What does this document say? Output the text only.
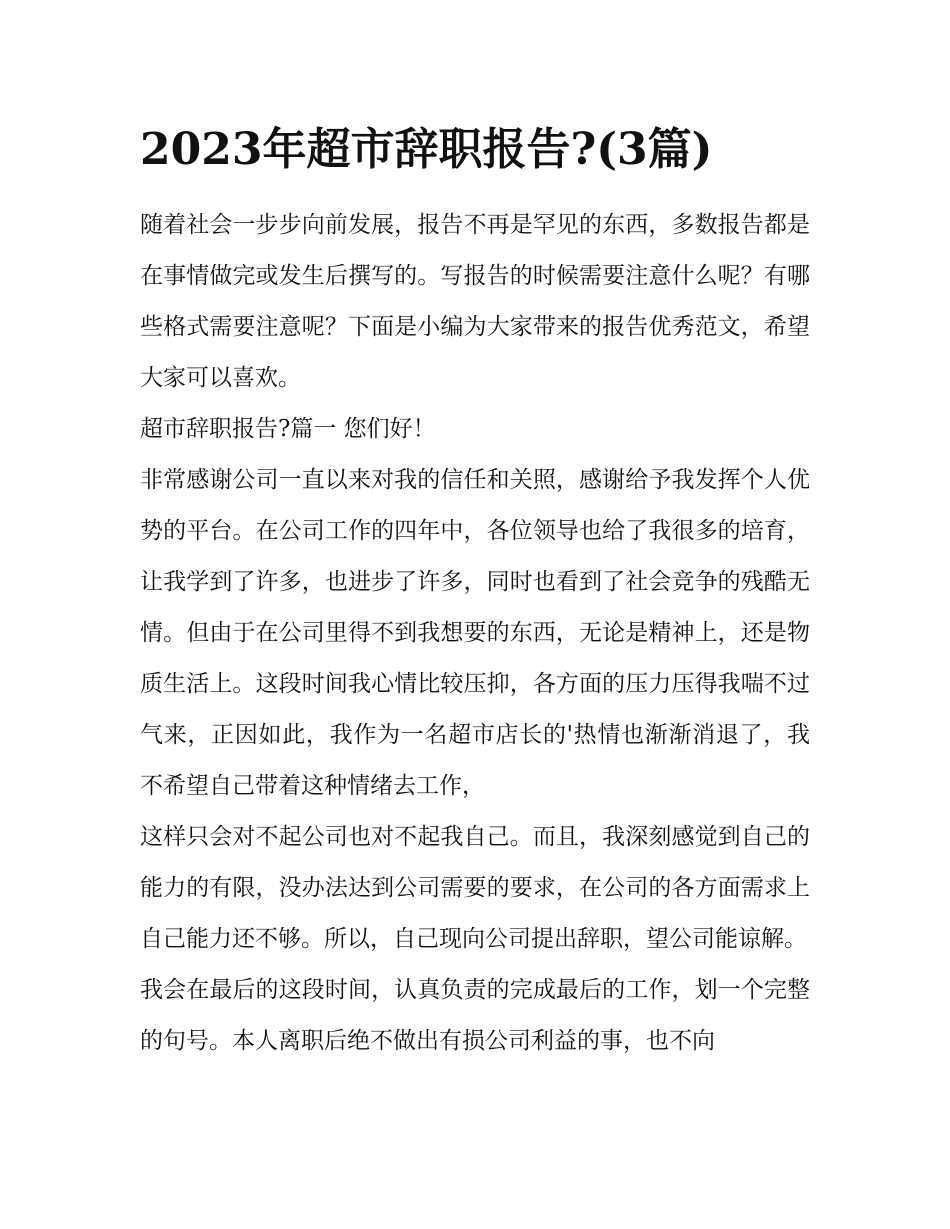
2023年超市辞职报告?(3篇)

随着社会一步步向前发展，报告不再是罕见的东西，多数报告都是在事情做完或发生后撰写的。写报告的时候需要注意什么呢？有哪些格式需要注意呢？下面是小编为大家带来的报告优秀范文，希望大家可以喜欢。

超市辞职报告?篇一 您们好！

非常感谢公司一直以来对我的信任和关照，感谢给予我发挥个人优势的平台。在公司工作的四年中，各位领导也给了我很多的培育，让我学到了许多，也进步了许多，同时也看到了社会竞争的残酷无情。但由于在公司里得不到我想要的东西，无论是精神上，还是物质生活上。这段时间我心情比较压抑，各方面的压力压得我喘不过气来，正因如此，我作为一名超市店长的'热情也渐渐消退了，我不希望自己带着这种情绪去工作，

这样只会对不起公司也对不起我自己。而且，我深刻感觉到自己的能力的有限，没办法达到公司需要的要求，在公司的各方面需求上自己能力还不够。所以，自己现向公司提出辞职，望公司能谅解。

我会在最后的这段时间，认真负责的完成最后的工作，划一个完整的句号。本人离职后绝不做出有损公司利益的事，也不向
